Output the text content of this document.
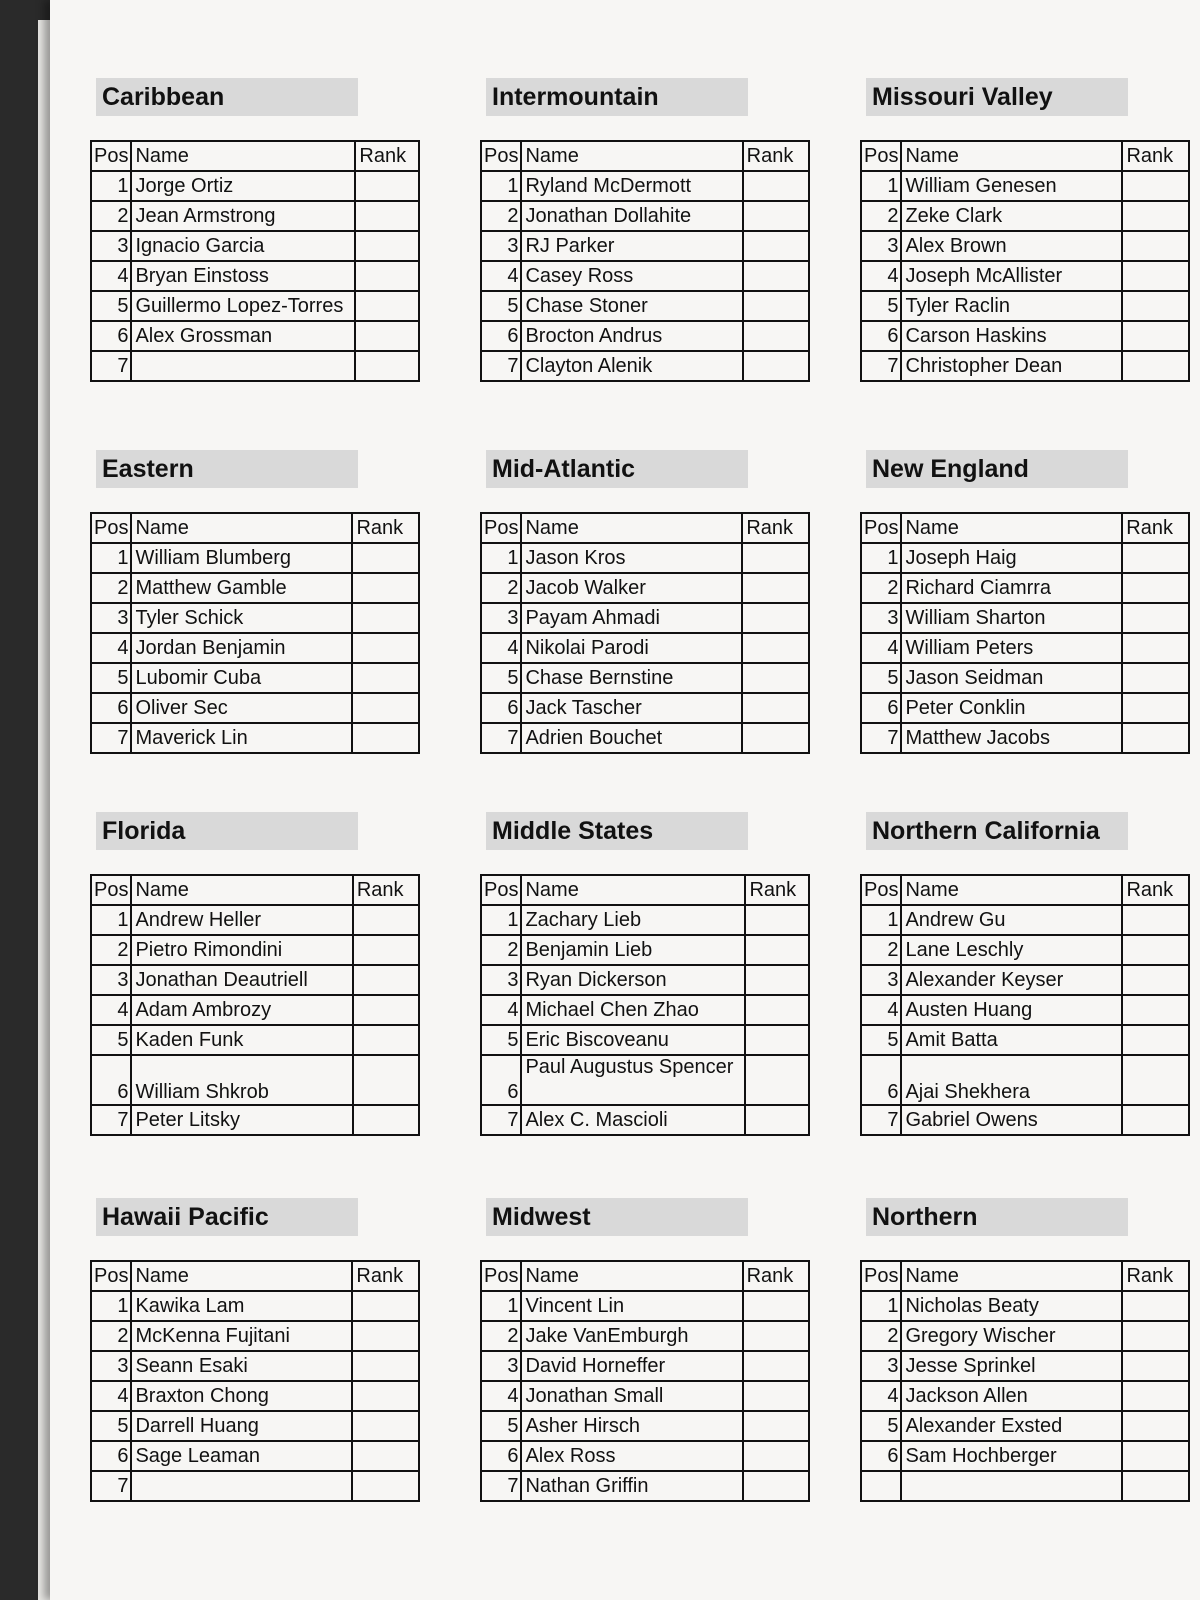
Caribbean
Pos	Name	Rank
1	Jorge Ortiz	
2	Jean Armstrong	
3	Ignacio Garcia	
4	Bryan Einstoss	
5	Guillermo Lopez-Torres	
6	Alex Grossman	
7		
Intermountain
Pos	Name	Rank
1	Ryland McDermott	
2	Jonathan Dollahite	
3	RJ Parker	
4	Casey Ross	
5	Chase Stoner	
6	Brocton Andrus	
7	Clayton Alenik	
Missouri Valley
Pos	Name	Rank
1	William Genesen	
2	Zeke Clark	
3	Alex Brown	
4	Joseph McAllister	
5	Tyler Raclin	
6	Carson Haskins	
7	Christopher Dean	
Eastern
Pos	Name	Rank
1	William Blumberg	
2	Matthew Gamble	
3	Tyler Schick	
4	Jordan Benjamin	
5	Lubomir Cuba	
6	Oliver Sec	
7	Maverick Lin	
Mid-Atlantic
Pos	Name	Rank
1	Jason Kros	
2	Jacob Walker	
3	Payam Ahmadi	
4	Nikolai Parodi	
5	Chase Bernstine	
6	Jack Tascher	
7	Adrien Bouchet	
New England
Pos	Name	Rank
1	Joseph Haig	
2	Richard Ciamrra	
3	William Sharton	
4	William Peters	
5	Jason Seidman	
6	Peter Conklin	
7	Matthew Jacobs	
Florida
Pos	Name	Rank
1	Andrew Heller	
2	Pietro Rimondini	
3	Jonathan Deautriell	
4	Adam Ambrozy	
5	Kaden Funk	
6	William Shkrob	
7	Peter Litsky	
Middle States
Pos	Name	Rank
1	Zachary Lieb	
2	Benjamin Lieb	
3	Ryan Dickerson	
4	Michael Chen Zhao	
5	Eric Biscoveanu	
6	Paul Augustus Spencer	
7	Alex C. Mascioli	
Northern California
Pos	Name	Rank
1	Andrew Gu	
2	Lane Leschly	
3	Alexander Keyser	
4	Austen Huang	
5	Amit Batta	
6	Ajai Shekhera	
7	Gabriel Owens	
Hawaii Pacific
Pos	Name	Rank
1	Kawika Lam	
2	McKenna Fujitani	
3	Seann Esaki	
4	Braxton Chong	
5	Darrell Huang	
6	Sage Leaman	
7		
Midwest
Pos	Name	Rank
1	Vincent Lin	
2	Jake VanEmburgh	
3	David Horneffer	
4	Jonathan Small	
5	Asher Hirsch	
6	Alex Ross	
7	Nathan Griffin	
Northern
Pos	Name	Rank
1	Nicholas Beaty	
2	Gregory Wischer	
3	Jesse Sprinkel	
4	Jackson Allen	
5	Alexander Exsted	
6	Sam Hochberger	
